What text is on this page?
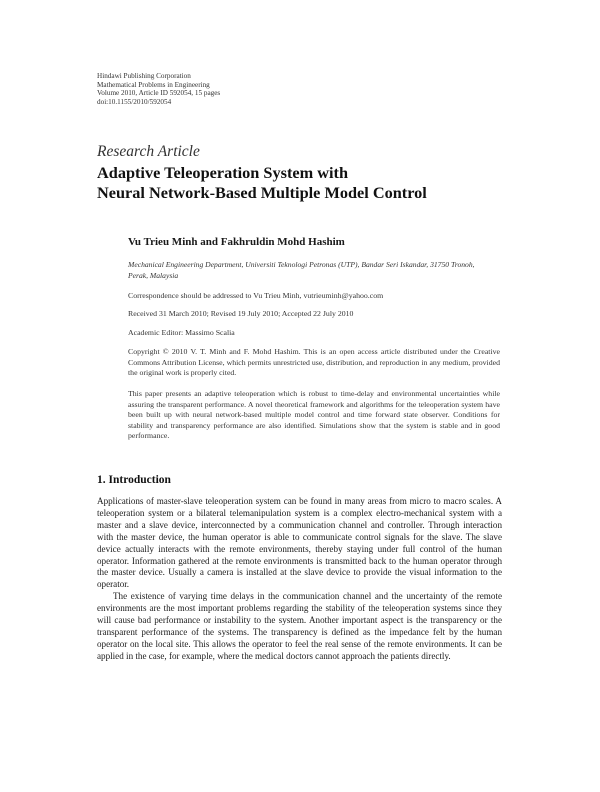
Hindawi Publishing Corporation
Mathematical Problems in Engineering
Volume 2010, Article ID 592054, 15 pages
doi:10.1155/2010/592054
Research Article
Adaptive Teleoperation System with
Neural Network-Based Multiple Model Control
Vu Trieu Minh and Fakhruldin Mohd Hashim
Mechanical Engineering Department, Universiti Teknologi Petronas (UTP), Bandar Seri Iskandar, 31750 Tronoh, Perak, Malaysia
Correspondence should be addressed to Vu Trieu Minh, vutrieuminh@yahoo.com
Received 31 March 2010; Revised 19 July 2010; Accepted 22 July 2010
Academic Editor: Massimo Scalia
Copyright © 2010 V. T. Minh and F. Mohd Hashim. This is an open access article distributed under the Creative Commons Attribution License, which permits unrestricted use, distribution, and reproduction in any medium, provided the original work is properly cited.
This paper presents an adaptive teleoperation which is robust to time-delay and environmental uncertainties while assuring the transparent performance. A novel theoretical framework and algorithms for the teleoperation system have been built up with neural network-based multiple model control and time forward state observer. Conditions for stability and transparency performance are also identified. Simulations show that the system is stable and in good performance.
1. Introduction

Applications of master-slave teleoperation system can be found in many areas from micro to macro scales. A teleoperation system or a bilateral telemanipulation system is a complex electro-mechanical system with a master and a slave device, interconnected by a communication channel and controller. Through interaction with the master device, the human operator is able to communicate control signals for the slave. The slave device actually interacts with the remote environments, thereby staying under full control of the human operator. Information gathered at the remote environments is transmitted back to the human operator through the master device. Usually a camera is installed at the slave device to provide the visual information to the operator.

The existence of varying time delays in the communication channel and the uncertainty of the remote environments are the most important problems regarding the stability of the teleoperation systems since they will cause bad performance or instability to the system. Another important aspect is the transparency or the transparent performance of the systems. The transparency is defined as the impedance felt by the human operator on the local site. This allows the operator to feel the real sense of the remote environments. It can be applied in the case, for example, where the medical doctors cannot approach the patients directly.
